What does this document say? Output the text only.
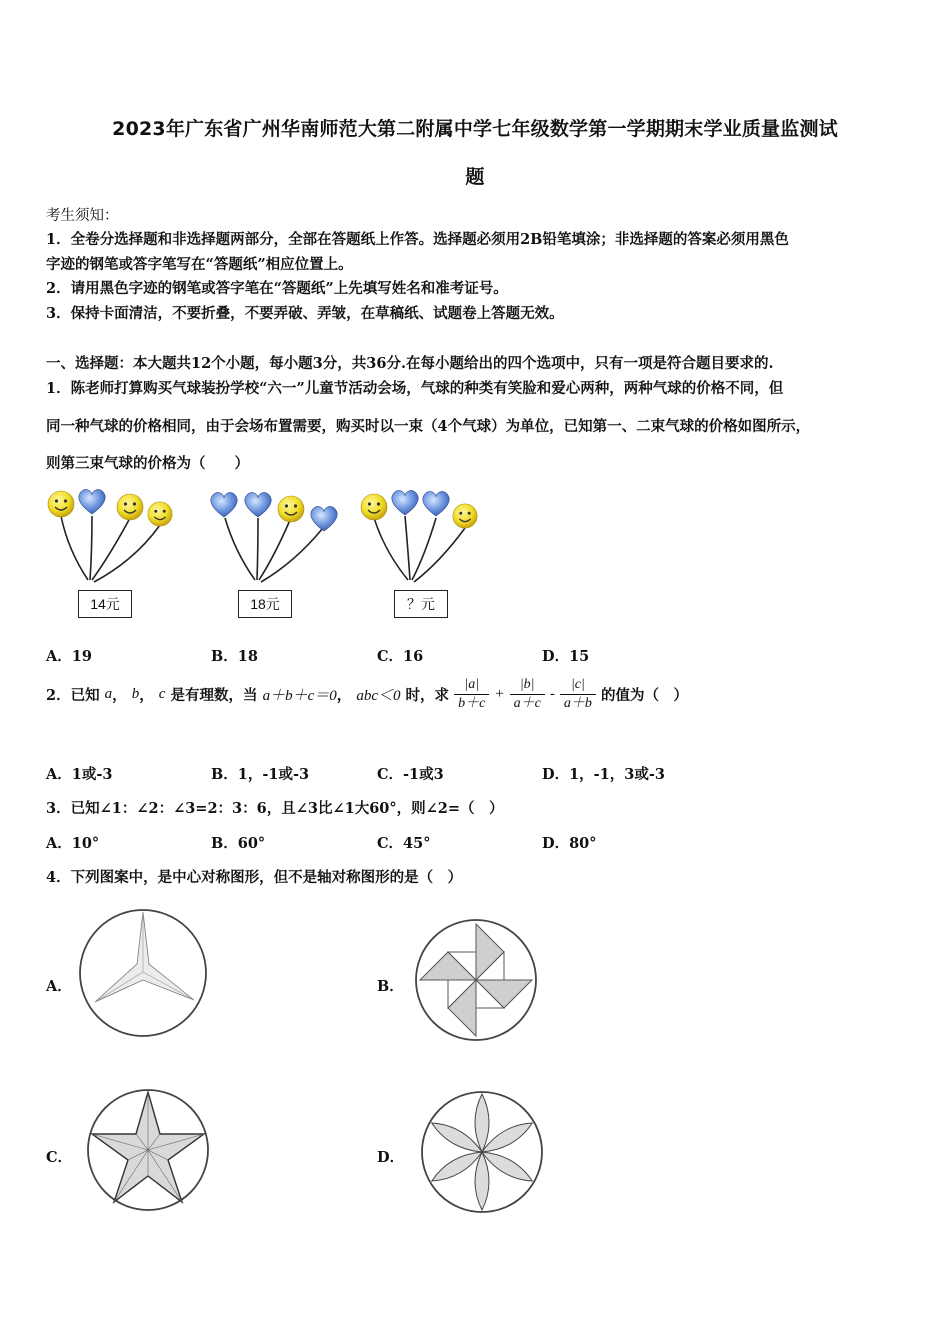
2023年广东省广州华南师范大第二附属中学七年级数学第一学期期末学业质量监测试
题
考生须知：
1．全卷分选择题和非选择题两部分，全部在答题纸上作答。选择题必须用2B铅笔填涂；非选择题的答案必须用黑色
字迹的钢笔或答字笔写在“答题纸”相应位置上。
2．请用黑色字迹的钢笔或答字笔在“答题纸”上先填写姓名和准考证号。
3．保持卡面清洁，不要折叠，不要弄破、弄皱，在草稿纸、试题卷上答题无效。
一、选择题：本大题共12个小题，每小题3分，共36分.在每小题给出的四个选项中，只有一项是符合题目要求的.
1．陈老师打算购买气球装扮学校“六一”儿童节活动会场，气球的种类有笑脸和爱心两种，两种气球的价格不同，但
同一种气球的价格相同，由于会场布置需要，购买时以一束（4个气球）为单位，已知第一、二束气球的价格如图所示，
则第三束气球的价格为（　　）
14元	18元	？元
A．19	B．18	C．16	D．15
2．已知 a， b， c 是有理数，当 a＋b＋c＝0， abc＜0 时，求 $\frac{|a|}{b+c} + \frac{|b|}{a+c} - \frac{|c|}{a+b}$ 的值为（　）
A．1或-3	B．1，-1或-3	C．-1或3	D．1，-1，3或-3
3．已知∠1：∠2：∠3=2：3：6，且∠3比∠1大60°，则∠2=（　）
A．10°	B．60°	C．45°	D．80°
4．下列图案中，是中心对称图形，但不是轴对称图形的是（　）
A．	B．
C．	D．
